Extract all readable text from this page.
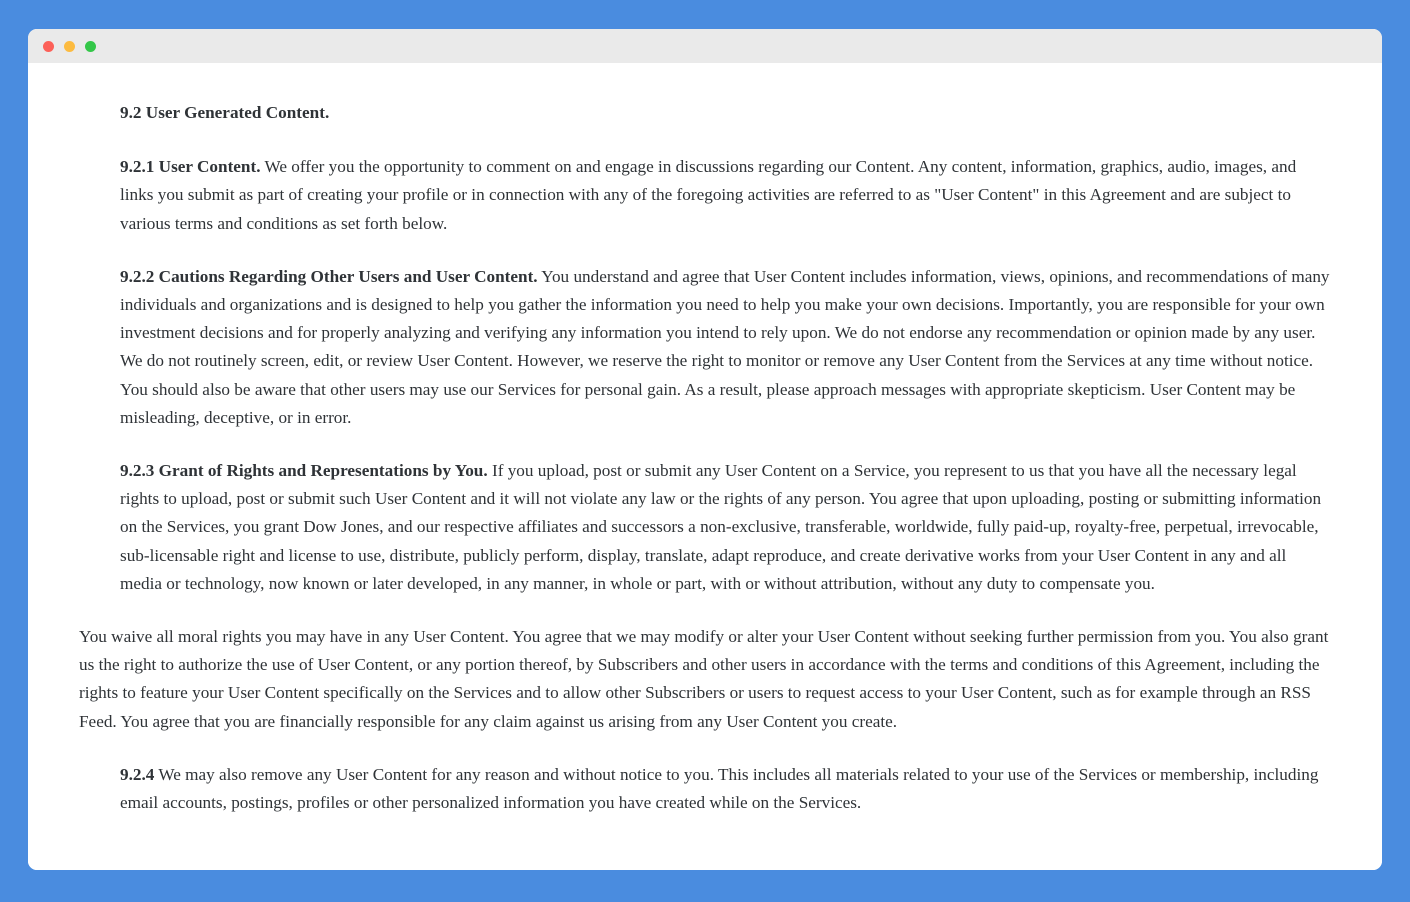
9.2 User Generated Content.

9.2.1 User Content. We offer you the opportunity to comment on and engage in discussions regarding our Content. Any content, information, graphics, audio, images, and links you submit as part of creating your profile or in connection with any of the foregoing activities are referred to as "User Content" in this Agreement and are subject to various terms and conditions as set forth below.

9.2.2 Cautions Regarding Other Users and User Content. You understand and agree that User Content includes information, views, opinions, and recommendations of many individuals and organizations and is designed to help you gather the information you need to help you make your own decisions. Importantly, you are responsible for your own investment decisions and for properly analyzing and verifying any information you intend to rely upon. We do not endorse any recommendation or opinion made by any user. We do not routinely screen, edit, or review User Content. However, we reserve the right to monitor or remove any User Content from the Services at any time without notice. You should also be aware that other users may use our Services for personal gain. As a result, please approach messages with appropriate skepticism. User Content may be misleading, deceptive, or in error.

9.2.3 Grant of Rights and Representations by You. If you upload, post or submit any User Content on a Service, you represent to us that you have all the necessary legal rights to upload, post or submit such User Content and it will not violate any law or the rights of any person. You agree that upon uploading, posting or submitting information on the Services, you grant Dow Jones, and our respective affiliates and successors a non-exclusive, transferable, worldwide, fully paid-up, royalty-free, perpetual, irrevocable, sub-licensable right and license to use, distribute, publicly perform, display, translate, adapt reproduce, and create derivative works from your User Content in any and all media or technology, now known or later developed, in any manner, in whole or part, with or without attribution, without any duty to compensate you.

You waive all moral rights you may have in any User Content. You agree that we may modify or alter your User Content without seeking further permission from you. You also grant us the right to authorize the use of User Content, or any portion thereof, by Subscribers and other users in accordance with the terms and conditions of this Agreement, including the rights to feature your User Content specifically on the Services and to allow other Subscribers or users to request access to your User Content, such as for example through an RSS Feed. You agree that you are financially responsible for any claim against us arising from any User Content you create.

9.2.4 We may also remove any User Content for any reason and without notice to you. This includes all materials related to your use of the Services or membership, including email accounts, postings, profiles or other personalized information you have created while on the Services.
